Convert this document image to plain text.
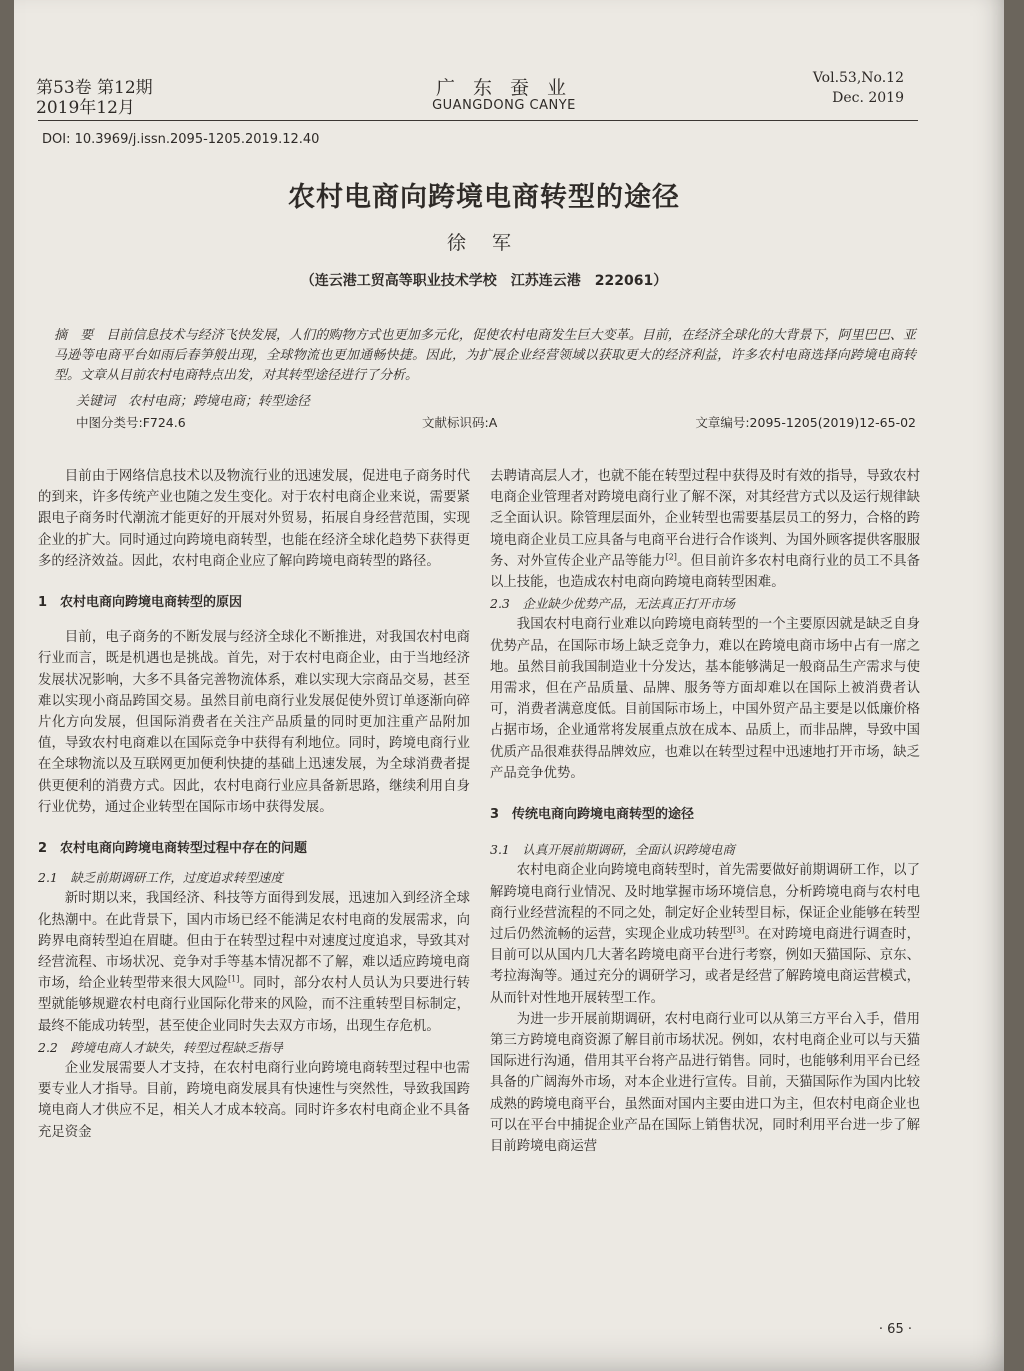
第53卷 第12期
2019年12月
广 东 蚕 业
GUANGDONG CANYE
Vol.53,No.12
Dec. 2019
DOI: 10.3969/j.issn.2095-1205.2019.12.40
农村电商向跨境电商转型的途径
徐 军
（连云港工贸高等职业技术学校　江苏连云港　222061）
摘　要　目前信息技术与经济飞快发展，人们的购物方式也更加多元化，促使农村电商发生巨大变革。目前，在经济全球化的大背景下，阿里巴巴、亚马逊等电商平台如雨后春笋般出现，全球物流也更加通畅快捷。因此，为扩展企业经营领域以获取更大的经济利益，许多农村电商选择向跨境电商转型。文章从目前农村电商特点出发，对其转型途径进行了分析。
关键词　农村电商；跨境电商；转型途径
中图分类号:F724.6	文献标识码:A	文章编号:2095-1205(2019)12-65-02

目前由于网络信息技术以及物流行业的迅速发展，促进电子商务时代的到来，许多传统产业也随之发生变化。对于农村电商企业来说，需要紧跟电子商务时代潮流才能更好的开展对外贸易，拓展自身经营范围，实现企业的扩大。同时通过向跨境电商转型，也能在经济全球化趋势下获得更多的经济效益。因此，农村电商企业应了解向跨境电商转型的路径。

1　农村电商向跨境电商转型的原因

目前，电子商务的不断发展与经济全球化不断推进，对我国农村电商行业而言，既是机遇也是挑战。首先，对于农村电商企业，由于当地经济发展状况影响，大多不具备完善物流体系，难以实现大宗商品交易，甚至难以实现小商品跨国交易。虽然目前电商行业发展促使外贸订单逐渐向碎片化方向发展，但国际消费者在关注产品质量的同时更加注重产品附加值，导致农村电商难以在国际竞争中获得有利地位。同时，跨境电商行业在全球物流以及互联网更加便利快捷的基础上迅速发展，为全球消费者提供更便利的消费方式。因此，农村电商行业应具备新思路，继续利用自身行业优势，通过企业转型在国际市场中获得发展。

2　农村电商向跨境电商转型过程中存在的问题
2.1　缺乏前期调研工作，过度追求转型速度

新时期以来，我国经济、科技等方面得到发展，迅速加入到经济全球化热潮中。在此背景下，国内市场已经不能满足农村电商的发展需求，向跨界电商转型迫在眉睫。但由于在转型过程中对速度过度追求，导致其对经营流程、市场状况、竞争对手等基本情况都不了解，难以适应跨境电商市场，给企业转型带来很大风险[1]。同时，部分农村人员认为只要进行转型就能够规避农村电商行业国际化带来的风险，而不注重转型目标制定，最终不能成功转型，甚至使企业同时失去双方市场，出现生存危机。

2.2　跨境电商人才缺失，转型过程缺乏指导

企业发展需要人才支持，在农村电商行业向跨境电商转型过程中也需要专业人才指导。目前，跨境电商发展具有快速性与突然性，导致我国跨境电商人才供应不足，相关人才成本较高。同时许多农村电商企业不具备充足资金

去聘请高层人才，也就不能在转型过程中获得及时有效的指导，导致农村电商企业管理者对跨境电商行业了解不深，对其经营方式以及运行规律缺乏全面认识。除管理层面外，企业转型也需要基层员工的努力，合格的跨境电商企业员工应具备与电商平台进行合作谈判、为国外顾客提供客服服务、对外宣传企业产品等能力[2]。但目前许多农村电商行业的员工不具备以上技能，也造成农村电商向跨境电商转型困难。

2.3　企业缺少优势产品，无法真正打开市场

我国农村电商行业难以向跨境电商转型的一个主要原因就是缺乏自身优势产品，在国际市场上缺乏竞争力，难以在跨境电商市场中占有一席之地。虽然目前我国制造业十分发达，基本能够满足一般商品生产需求与使用需求，但在产品质量、品牌、服务等方面却难以在国际上被消费者认可，消费者满意度低。目前国际市场上，中国外贸产品主要是以低廉价格占据市场，企业通常将发展重点放在成本、品质上，而非品牌，导致中国优质产品很难获得品牌效应，也难以在转型过程中迅速地打开市场，缺乏产品竞争优势。

3　传统电商向跨境电商转型的途径
3.1　认真开展前期调研，全面认识跨境电商

农村电商企业向跨境电商转型时，首先需要做好前期调研工作，以了解跨境电商行业情况、及时地掌握市场环境信息，分析跨境电商与农村电商行业经营流程的不同之处，制定好企业转型目标，保证企业能够在转型过后仍然流畅的运营，实现企业成功转型[3]。在对跨境电商进行调查时，目前可以从国内几大著名跨境电商平台进行考察，例如天猫国际、京东、考拉海淘等。通过充分的调研学习，或者是经营了解跨境电商运营模式，从而针对性地开展转型工作。

为进一步开展前期调研，农村电商行业可以从第三方平台入手，借用第三方跨境电商资源了解目前市场状况。例如，农村电商企业可以与天猫国际进行沟通，借用其平台将产品进行销售。同时，也能够利用平台已经具备的广阔海外市场，对本企业进行宣传。目前，天猫国际作为国内比较成熟的跨境电商平台，虽然面对国内主要由进口为主，但农村电商企业也可以在平台中捕捉企业产品在国际上销售状况，同时利用平台进一步了解目前跨境电商运营

· 65 ·
